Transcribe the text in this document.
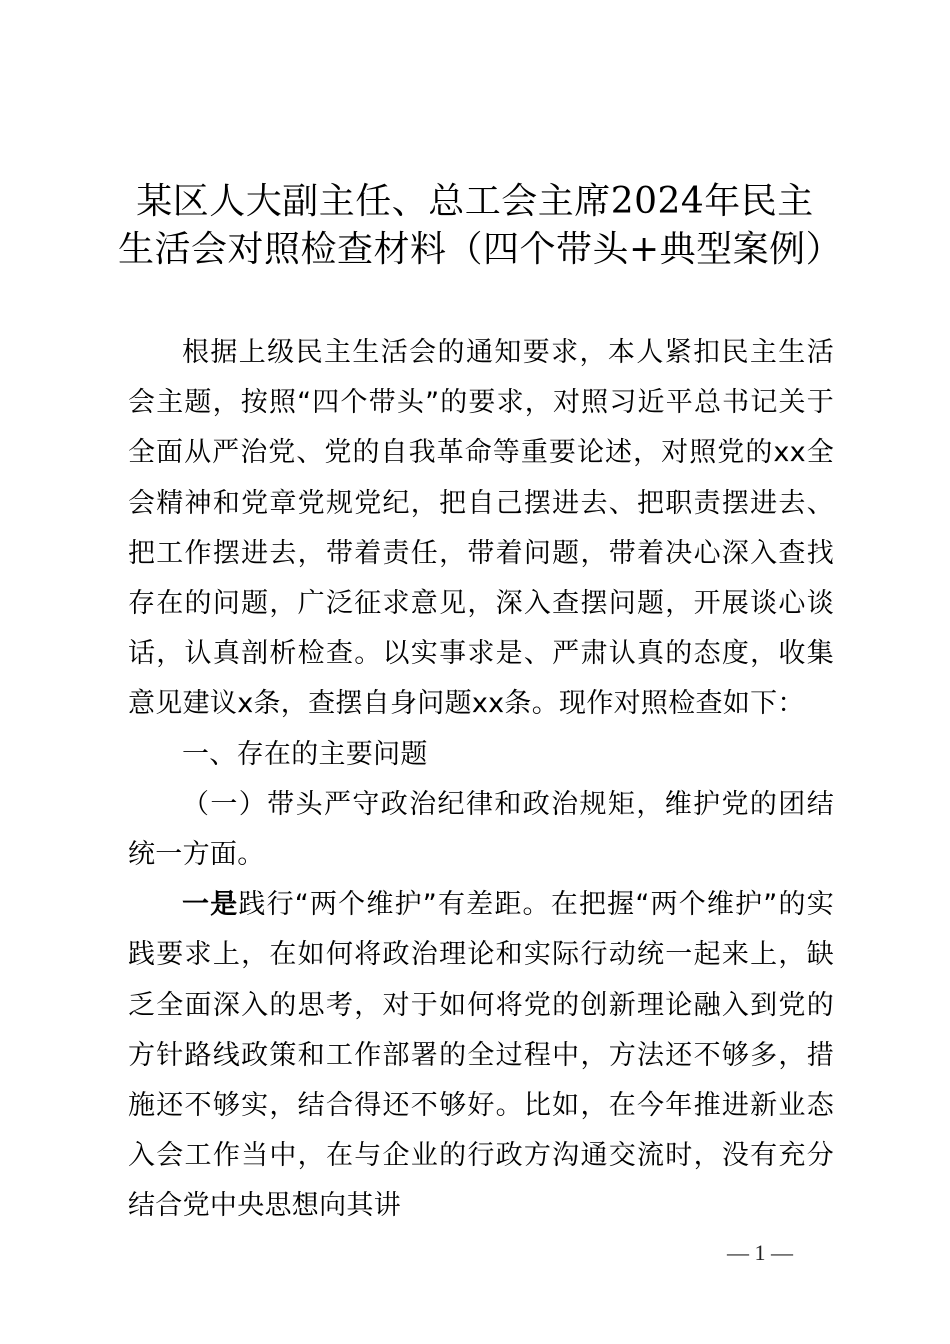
某区人大副主任、总工会主席2024年民主生活会对照检查材料（四个带头+典型案例）

根据上级民主生活会的通知要求，本人紧扣民主生活会主题，按照“四个带头”的要求，对照习近平总书记关于全面从严治党、党的自我革命等重要论述，对照党的xx全会精神和党章党规党纪，把自己摆进去、把职责摆进去、把工作摆进去，带着责任，带着问题，带着决心深入查找存在的问题，广泛征求意见，深入查摆问题，开展谈心谈话，认真剖析检查。以实事求是、严肃认真的态度，收集意见建议x条，查摆自身问题xx条。现作对照检查如下：

一、存在的主要问题

（一）带头严守政治纪律和政治规矩，维护党的团结统一方面。

一是践行“两个维护”有差距。在把握“两个维护”的实践要求上，在如何将政治理论和实际行动统一起来上，缺乏全面深入的思考，对于如何将党的创新理论融入到党的方针路线政策和工作部署的全过程中，方法还不够多，措施还不够实，结合得还不够好。比如，在今年推进新业态入会工作当中，在与企业的行政方沟通交流时，没有充分结合党中央思想向其讲

— 1 —
